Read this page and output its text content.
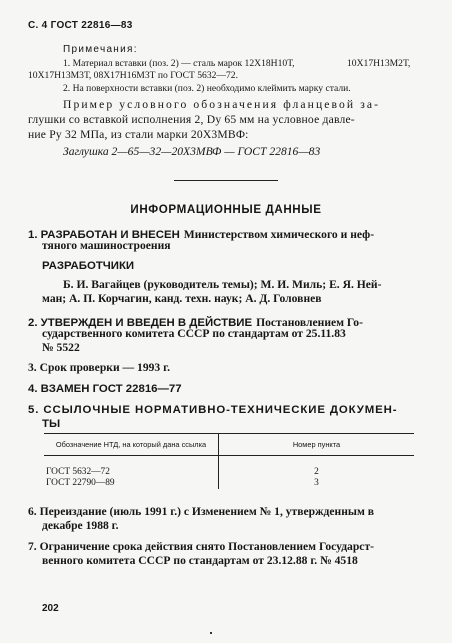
С. 4 ГОСТ 22816—83
Примечания:
1. Материал вставки (поз. 2) — сталь марок 12Х18Н10Т,	10Х17Н13М2Т,
10Х17Н13М3Т, 08Х17Н16М3Т по ГОСТ 5632—72.
2. На поверхности вставки (поз. 2) необходимо клеймить марку стали.
Пример условного обозначения фланцевой за-
глушки со вставкой исполнения 2, Dy 65 мм на условное давле-
ние Py 32 МПа, из стали марки 20Х3МВФ:
Заглушка 2—65—32—20Х3МВФ — ГОСТ 22816—83
ИНФОРМАЦИОННЫЕ ДАННЫЕ
1. РАЗРАБОТАН И ВНЕСЕН Министерством химического и неф-
тяного машиностроения
РАЗРАБОТЧИКИ
Б. И. Вагайцев (руководитель темы); М. И. Миль; Е. Я. Ней-
ман; А. П. Корчагин, канд. техн. наук; А. Д. Головнев
2. УТВЕРЖДЕН И ВВЕДЕН В ДЕЙСТВИЕ Постановлением Го-
сударственного комитета СССР по стандартам от 25.11.83
№ 5522
3. Срок проверки — 1993 г.
4. ВЗАМЕН ГОСТ 22816—77
5. ССЫЛОЧНЫЕ НОРМАТИВНО-ТЕХНИЧЕСКИЕ ДОКУМЕН-
ТЫ
Обозначение НТД, на который дана ссылка	Номер пункта

ГОСТ 5632—72	2
ГОСТ 22790—89	3
6. Переиздание (июль 1991 г.) с Изменением № 1, утвержденным в
декабре 1988 г.
7. Ограничение срока действия снято Постановлением Государст-
венного комитета СССР по стандартам от 23.12.88 г. № 4518
202
